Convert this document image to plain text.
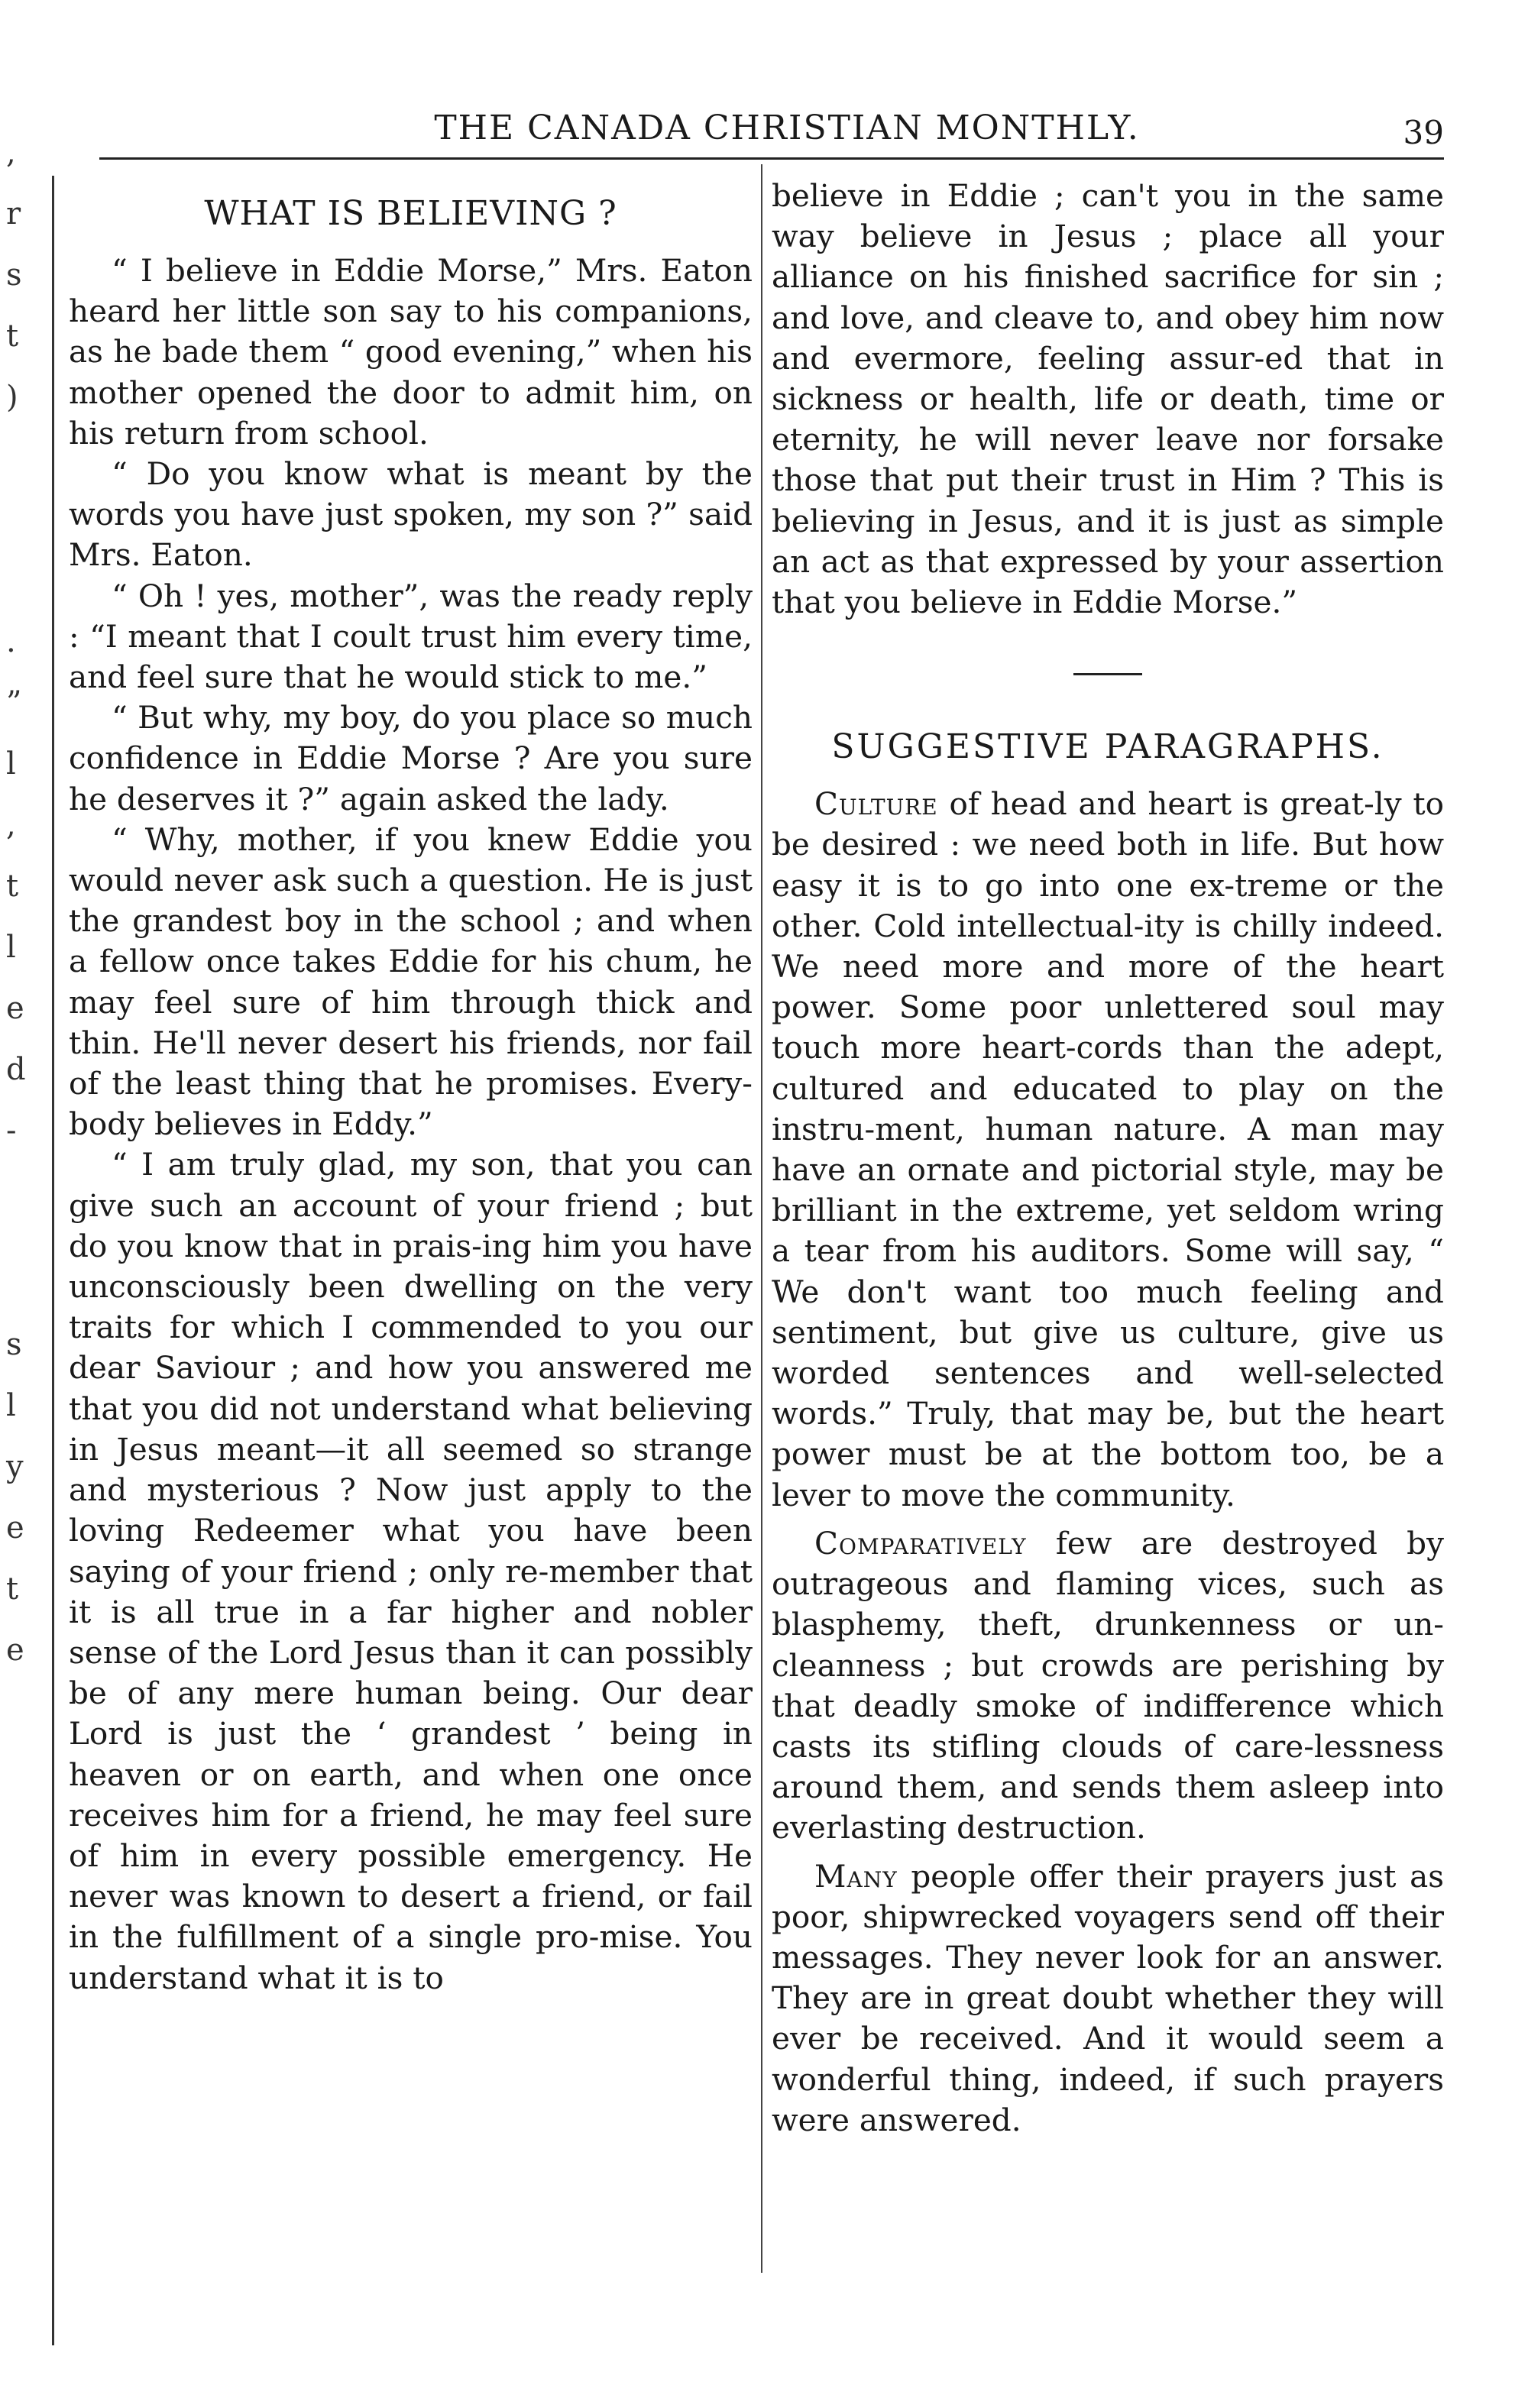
,
r
s
t
)
.
”
l
,
t
l
e
d
-
s
l
y
e
t
e
THE CANADA CHRISTIAN MONTHLY.	39
WHAT IS BELIEVING ?

“ I believe in Eddie Morse,” Mrs. Eaton heard her little son say to his companions, as he bade them “ good evening,” when his mother opened the door to admit him, on his return from school.

“ Do you know what is meant by the words you have just spoken, my son ?” said Mrs. Eaton.

“ Oh ! yes, mother”, was the ready reply : “I meant that I coult trust him every time, and feel sure that he would stick to me.”

“ But why, my boy, do you place so much confidence in Eddie Morse ? Are you sure he deserves it ?” again asked the lady.

“ Why, mother, if you knew Eddie you would never ask such a question. He is just the grandest boy in the school ; and when a fellow once takes Eddie for his chum, he may feel sure of him through thick and thin. He'll never desert his friends, nor fail of the least thing that he promises. Every-body believes in Eddy.”

“ I am truly glad, my son, that you can give such an account of your friend ; but do you know that in prais-ing him you have unconsciously been dwelling on the very traits for which I commended to you our dear Saviour ; and how you answered me that you did not understand what believing in Jesus meant—it all seemed so strange and mysterious ? Now just apply to the loving Redeemer what you have been saying of your friend ; only re-member that it is all true in a far higher and nobler sense of the Lord Jesus than it can possibly be of any mere human being. Our dear Lord is just the ‘ grandest ’ being in heaven or on earth, and when one once receives him for a friend, he may feel sure of him in every possible emergency. He never was known to desert a friend, or fail in the fulfillment of a single pro-mise. You understand what it is to

believe in Eddie ; can't you in the same way believe in Jesus ; place all your alliance on his finished sacrifice for sin ; and love, and cleave to, and obey him now and evermore, feeling assur-ed that in sickness or health, life or death, time or eternity, he will never leave nor forsake those that put their trust in Him ? This is believing in Jesus, and it is just as simple an act as that expressed by your assertion that you believe in Eddie Morse.”

SUGGESTIVE PARAGRAPHS.

Culture of head and heart is great-ly to be desired : we need both in life. But how easy it is to go into one ex-treme or the other. Cold intellectual-ity is chilly indeed. We need more and more of the heart power. Some poor unlettered soul may touch more heart-cords than the adept, cultured and educated to play on the instru-ment, human nature. A man may have an ornate and pictorial style, may be brilliant in the extreme, yet seldom wring a tear from his auditors. Some will say, “ We don't want too much feeling and sentiment, but give us culture, give us worded sentences and well-selected words.” Truly, that may be, but the heart power must be at the bottom too, be a lever to move the community.

Comparatively few are destroyed by outrageous and flaming vices, such as blasphemy, theft, drunkenness or un-cleanness ; but crowds are perishing by that deadly smoke of indifference which casts its stifling clouds of care-lessness around them, and sends them asleep into everlasting destruction.

Many people offer their prayers just as poor, shipwrecked voyagers send off their messages. They never look for an answer. They are in great doubt whether they will ever be received. And it would seem a wonderful thing, indeed, if such prayers were answered.
